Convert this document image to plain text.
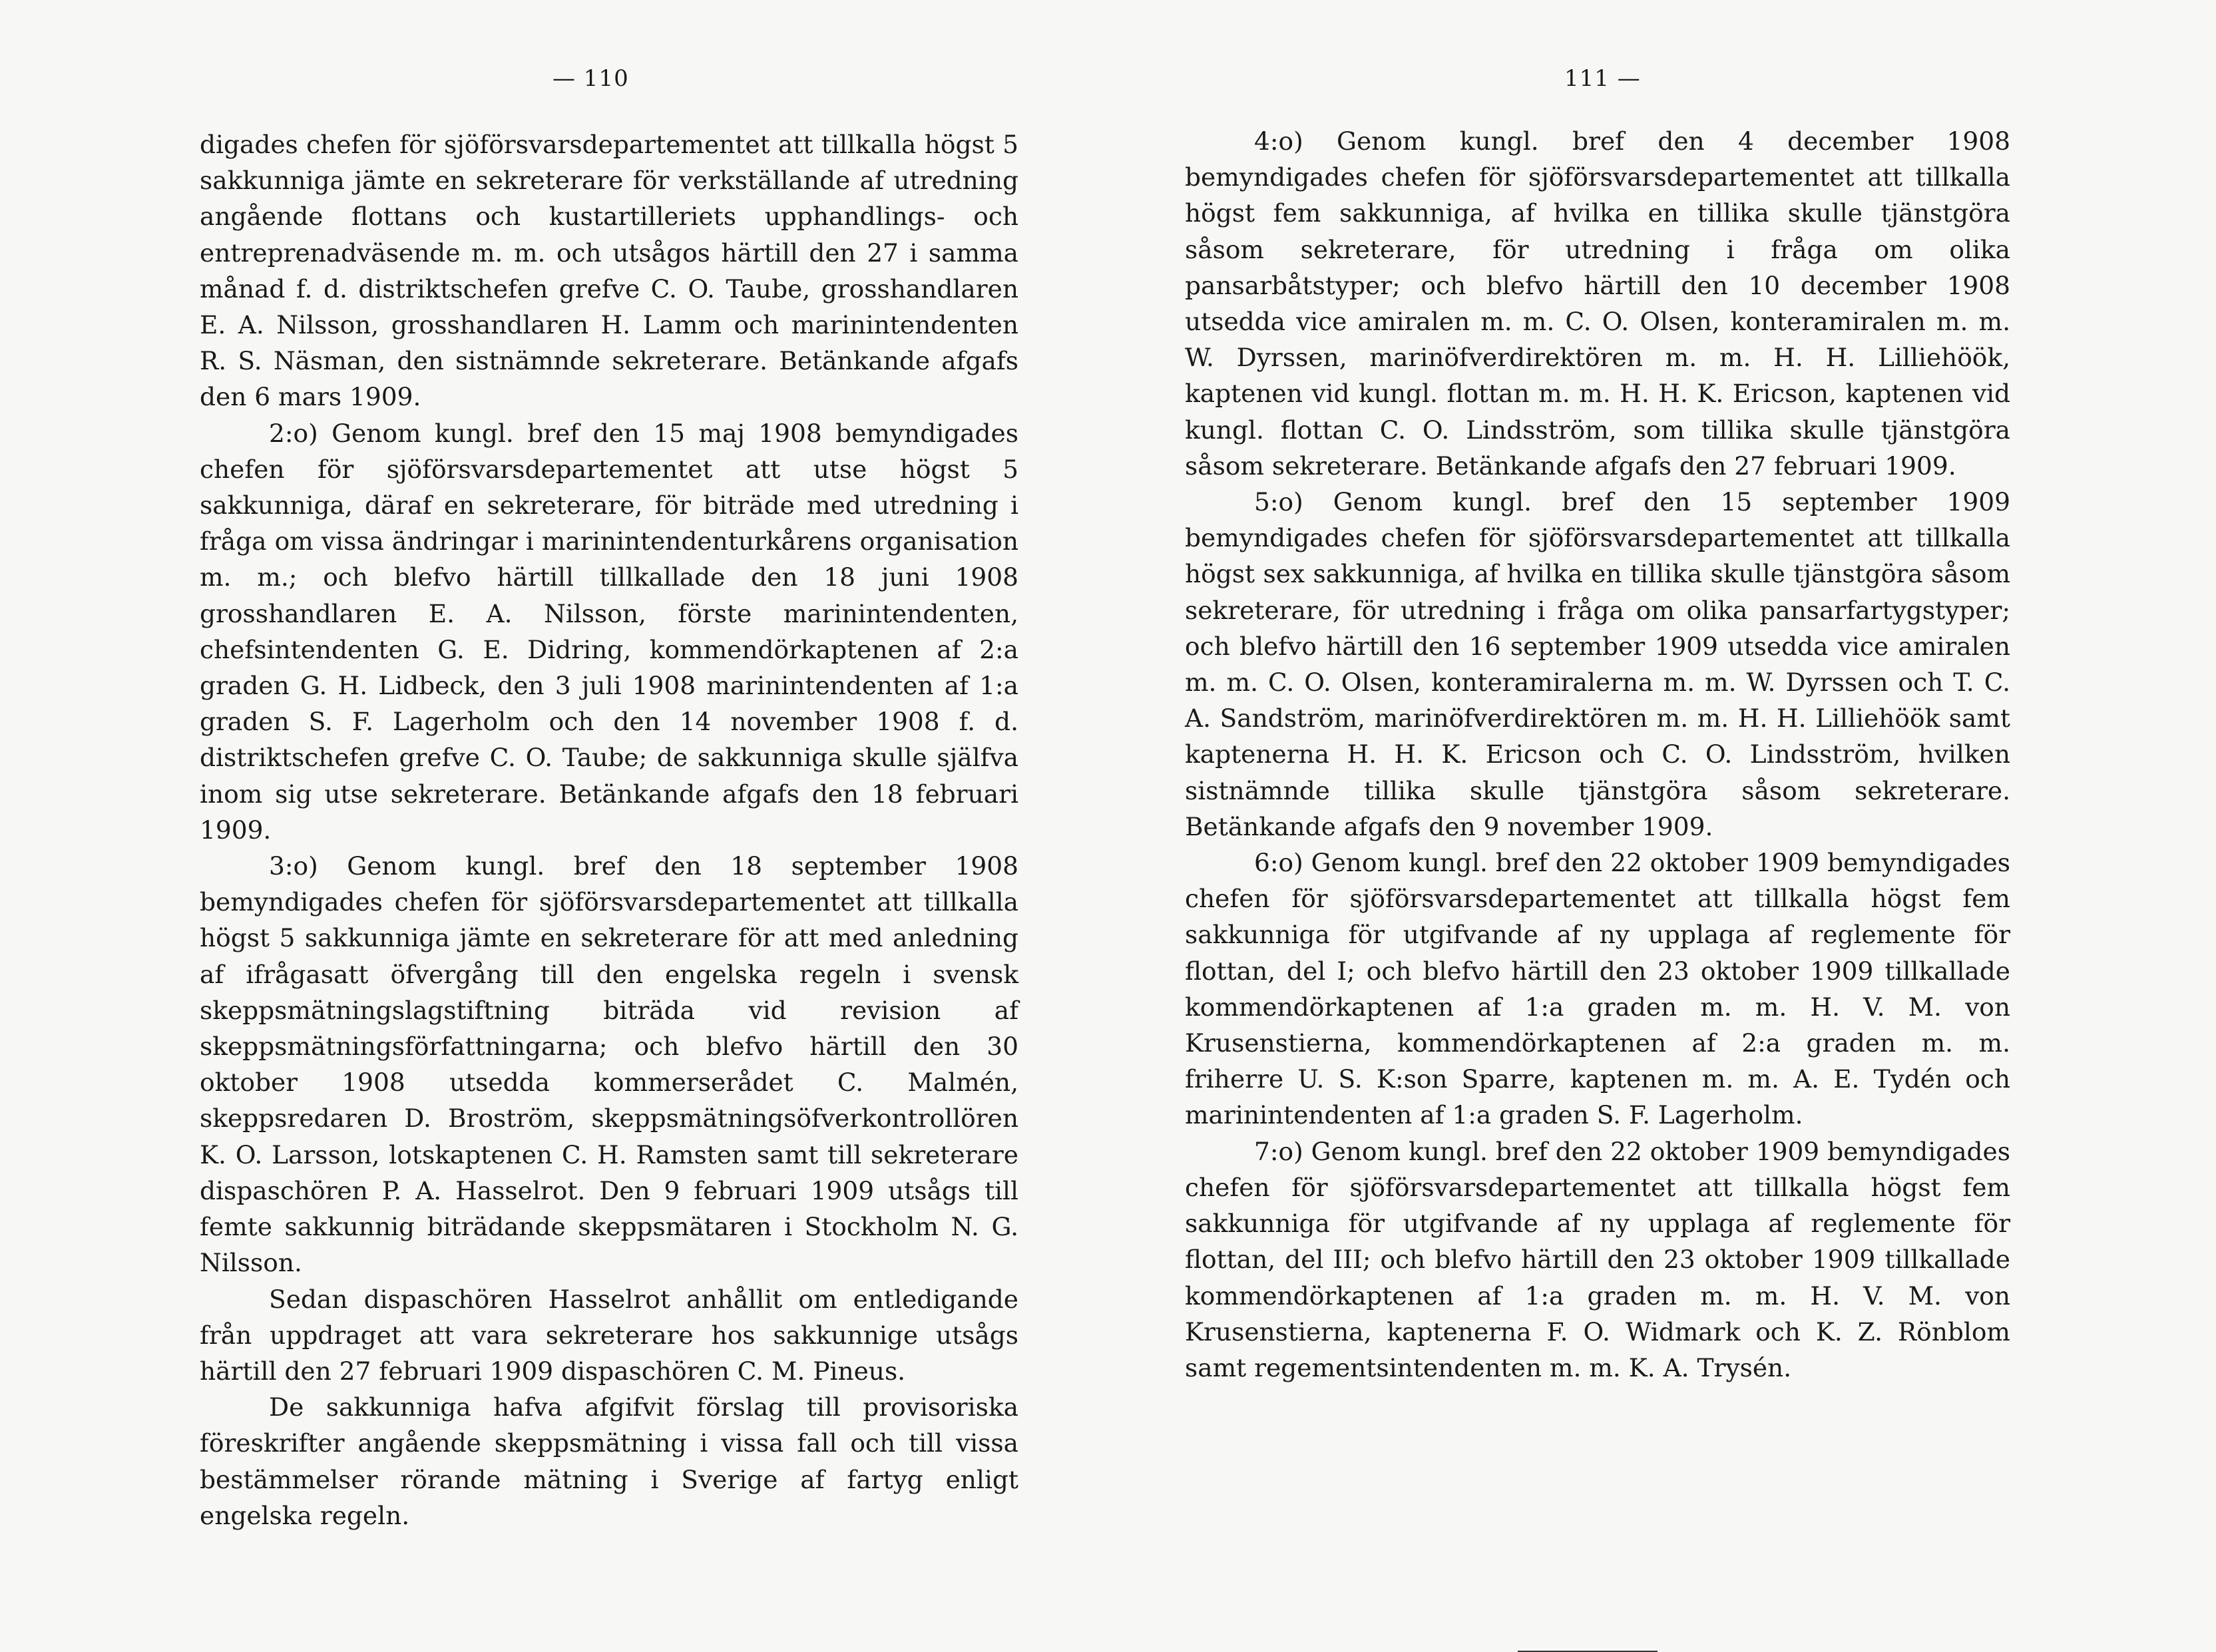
— 110

digades chefen för sjöförsvarsdepartementet att tillkalla högst 5 sakkunniga jämte en sekreterare för verkställande af utredning angående flottans och kustartilleriets upphandlings- och entreprenadväsende m. m. och utsågos härtill den 27 i samma månad f. d. distriktschefen grefve C. O. Taube, grosshandlaren E. A. Nilsson, grosshandlaren H. Lamm och marinintendenten R. S. Näsman, den sistnämnde sekreterare. Betänkande afgafs den 6 mars 1909.

2:o) Genom kungl. bref den 15 maj 1908 bemyndigades chefen för sjöförsvarsdepartementet att utse högst 5 sakkunniga, däraf en sekreterare, för biträde med utredning i fråga om vissa ändringar i marinintendenturkårens organisation m. m.; och blefvo härtill tillkallade den 18 juni 1908 grosshandlaren E. A. Nilsson, förste marinintendenten, chefsintendenten G. E. Didring, kommendörkaptenen af 2:a graden G. H. Lidbeck, den 3 juli 1908 marinintendenten af 1:a graden S. F. Lagerholm och den 14 november 1908 f. d. distriktschefen grefve C. O. Taube; de sakkunniga skulle själfva inom sig utse sekreterare. Betänkande afgafs den 18 februari 1909.

3:o) Genom kungl. bref den 18 september 1908 bemyndigades chefen för sjöförsvarsdepartementet att tillkalla högst 5 sakkunniga jämte en sekreterare för att med anledning af ifrågasatt öfvergång till den engelska regeln i svensk skeppsmätningslagstiftning biträda vid revision af skeppsmätningsförfattningarna; och blefvo härtill den 30 oktober 1908 utsedda kommerserådet C. Malmén, skeppsredaren D. Broström, skeppsmätningsöfverkontrollören K. O. Larsson, lotskaptenen C. H. Ramsten samt till sekreterare dispaschören P. A. Hasselrot. Den 9 februari 1909 utsågs till femte sakkunnig biträdande skeppsmätaren i Stockholm N. G. Nilsson.

Sedan dispaschören Hasselrot anhållit om entledigande från uppdraget att vara sekreterare hos sakkunnige utsågs härtill den 27 februari 1909 dispaschören C. M. Pineus.

De sakkunniga hafva afgifvit förslag till provisoriska föreskrifter angående skeppsmätning i vissa fall och till vissa bestämmelser rörande mätning i Sverige af fartyg enligt engelska regeln.

111 —

4:o) Genom kungl. bref den 4 december 1908 bemyndigades chefen för sjöförsvarsdepartementet att tillkalla högst fem sakkunniga, af hvilka en tillika skulle tjänstgöra såsom sekreterare, för utredning i fråga om olika pansarbåtstyper; och blefvo härtill den 10 december 1908 utsedda vice amiralen m. m. C. O. Olsen, konteramiralen m. m. W. Dyrssen, marinöfverdirektören m. m. H. H. Lilliehöök, kaptenen vid kungl. flottan m. m. H. H. K. Ericson, kaptenen vid kungl. flottan C. O. Lindsström, som tillika skulle tjänstgöra såsom sekreterare. Betänkande afgafs den 27 februari 1909.

5:o) Genom kungl. bref den 15 september 1909 bemyndigades chefen för sjöförsvarsdepartementet att tillkalla högst sex sakkunniga, af hvilka en tillika skulle tjänstgöra såsom sekreterare, för utredning i fråga om olika pansarfartygstyper; och blefvo härtill den 16 september 1909 utsedda vice amiralen m. m. C. O. Olsen, konteramiralerna m. m. W. Dyrssen och T. C. A. Sandström, marinöfverdirektören m. m. H. H. Lilliehöök samt kaptenerna H. H. K. Ericson och C. O. Lindsström, hvilken sistnämnde tillika skulle tjänstgöra såsom sekreterare. Betänkande afgafs den 9 november 1909.

6:o) Genom kungl. bref den 22 oktober 1909 bemyndigades chefen för sjöförsvarsdepartementet att tillkalla högst fem sakkunniga för utgifvande af ny upplaga af reglemente för flottan, del I; och blefvo härtill den 23 oktober 1909 tillkallade kommendörkaptenen af 1:a graden m. m. H. V. M. von Krusenstierna, kommendörkaptenen af 2:a graden m. m. friherre U. S. K:son Sparre, kaptenen m. m. A. E. Tydén och marinintendenten af 1:a graden S. F. Lagerholm.

7:o) Genom kungl. bref den 22 oktober 1909 bemyndigades chefen för sjöförsvarsdepartementet att tillkalla högst fem sakkunniga för utgifvande af ny upplaga af reglemente för flottan, del III; och blefvo härtill den 23 oktober 1909 tillkallade kommendörkaptenen af 1:a graden m. m. H. V. M. von Krusenstierna, kaptenerna F. O. Widmark och K. Z. Rönblom samt regementsintendenten m. m. K. A. Trysén.
